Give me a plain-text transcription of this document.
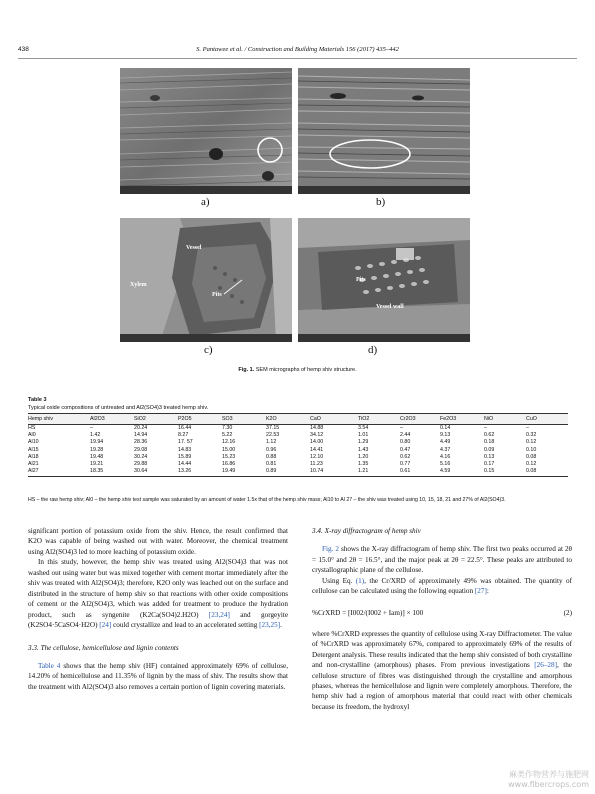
438	S. Pantawee et al. / Construction and Building Materials 156 (2017) 435–442
a)	b)
Vessel
Xylem
Pits
c)
Pits
Vessel wall
d)
Fig. 1. SEM micrographs of hemp shiv structure.
Table 3
Typical oxide compositions of untreated and Al2(SO4)3 treated hemp shiv.
Hemp shiv	Al2O3	SiO2	P2O5	SO3	K2O	CaO	TiO2	Cr2O3	Fe2O3	NiO	CuO
HS	–	20.24	16.44	7.30	37.15	14.88	3.54	–	0.14	–	–
Al0	1.42	14.94	8.27	5.22	22.53	34.12	1.01	2.44	9.13	0.62	0.32
Al10	19.94	28.36	17. 57	12.16	1.12	14.00	1.29	0.80	4.49	0.18	0.12
Al15	19.28	29.08	14.83	15.00	0.96	14.41	1.43	0.47	4.37	0.09	0.10
Al18	19.48	30.24	15.89	15.23	0.88	12.10	1.20	0.62	4.16	0.13	0.08
Al21	19.21	29.88	14.44	16.86	0.81	11.23	1.35	0.77	5.16	0.17	0.12
Al27	18.35	30.64	13.26	19.49	0.89	10.74	1.21	0.61	4.59	0.15	0.08
HS – the raw hemp shiv; Al0 – the hemp shiv test sample was saturated by an amount of water 1.5x that of the hemp shiv mass; Al10 to Al 27 – the shiv was treated using 10, 15, 18, 21 and 27% of Al2(SO4)3.

significant portion of potassium oxide from the shiv. Hence, the result confirmed that K2O was capable of being washed out with water. Moreover, the chemical treatment using Al2(SO4)3 led to more leaching of potassium oxide.

In this study, however, the hemp shiv was treated using Al2(SO4)3 that was not washed out using water but was mixed together with cement mortar immediately after the shiv was treated with Al2(SO4)3; therefore, K2O only was leached out on the surface and distributed in the structure of hemp shiv so that reactions with other oxide compositions of cement or the Al2(SO4)3, which was added for treatment to produce the hydration product, such as syngenite (K2Ca(SO4)2.H2O) [23,24] and gorgeyite (K2SO4·5CaSO4·H2O) [24] could crystallize and lead to an accelerated setting [23,25].

3.3. The cellulose, hemicellulose and lignin contents

Table 4 shows that the hemp shiv (HF) contained approximately 69% of cellulose, 14.20% of hemicellulose and 11.35% of lignin by the mass of shiv. The results show that the treatment with Al2(SO4)3 also removes a certain portion of lignin covering materials.

3.4. X-ray diffractogram of hemp shiv

Fig. 2 shows the X-ray diffractogram of hemp shiv. The first two peaks occurred at 2θ = 15.0° and 2θ = 16.5°, and the major peak at 2θ = 22.5°. These peaks are attributed to crystallographic plane of the cellulose.

Using Eq. (1), the Cr/XRD of approximately 49% was obtained. The quantity of cellulose can be calculated using the following equation [27]:

%CrXRD = [I002/(I002 + Iam)] × 100	(2)

where %CrXRD expresses the quantity of cellulose using X-ray Diffractometer. The value of %CrXRD was approximately 67%, compared to approximately 69% of the results of Detergent analysis. These results indicated that the hemp shiv consisted of both crystalline and non-crystalline (amorphous) phases. From previous investigations [26–28], the cellulose structure of fibres was distinguished through the crystalline and amorphous phases, whereas the hemicellulose and lignin were completely amorphous. Therefore, the hemp shiv had a region of amorphous material that could react with other chemicals because its freedom, the hydroxyl

麻类作物营养与施肥网
www.fibercrops.com
